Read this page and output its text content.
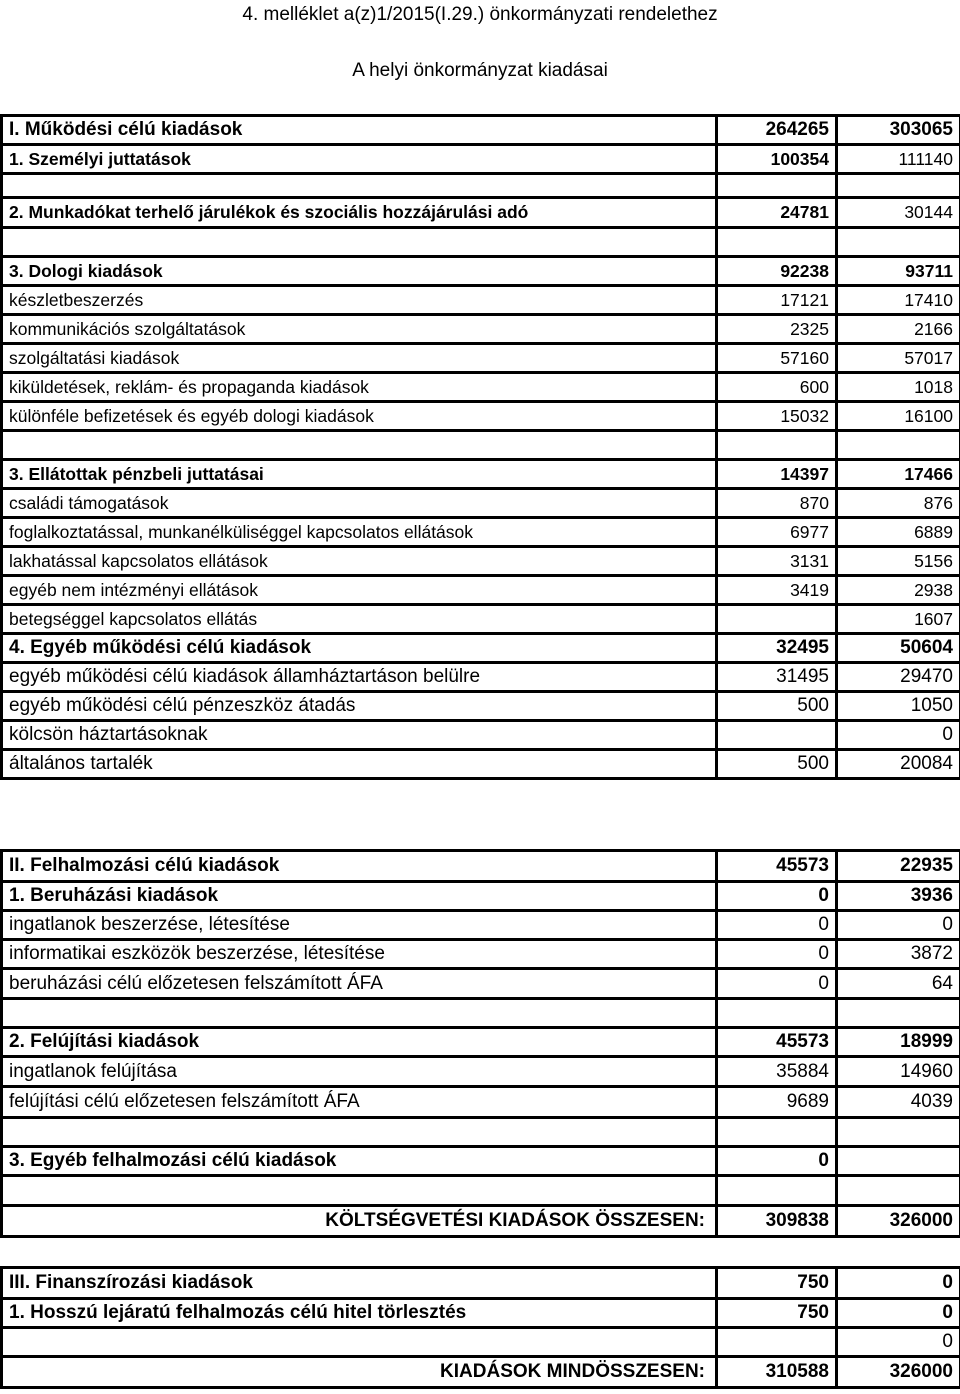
4. melléklet a(z)1/2015(I.29.) önkormányzati rendelethez
A helyi önkormányzat kiadásai
I. Működési célú kiadások	264265	303065
1. Személyi juttatások	100354	111140

2. Munkadókat terhelő járulékok és szociális hozzájárulási adó	24781	30144

3. Dologi kiadások	92238	93711
készletbeszerzés	17121	17410
kommunikációs szolgáltatások	2325	2166
szolgáltatási kiadások	57160	57017
kiküldetések, reklám- és propaganda kiadások	600	1018
különféle befizetések és egyéb dologi kiadások	15032	16100

3. Ellátottak pénzbeli juttatásai	14397	17466
családi támogatások	870	876
foglalkoztatással, munkanélküliséggel kapcsolatos ellátások	6977	6889
lakhatással kapcsolatos ellátások	3131	5156
egyéb nem intézményi ellátások	3419	2938
betegséggel kapcsolatos ellátás		1607
4. Egyéb működési célú kiadások	32495	50604
egyéb működési célú kiadások államháztartáson belülre	31495	29470
egyéb működési célú pénzeszköz átadás	500	1050
kölcsön háztartásoknak		0
általános tartalék	500	20084
II. Felhalmozási célú kiadások	45573	22935
1. Beruházási kiadások	0	3936
ingatlanok beszerzése, létesítése	0	0
informatikai eszközök beszerzése, létesítése	0	3872
beruházási célú előzetesen felszámított ÁFA	0	64

2. Felújítási kiadások	45573	18999
ingatlanok felújítása	35884	14960
felújítási célú előzetesen felszámított ÁFA	9689	4039

3. Egyéb felhalmozási célú kiadások	0	

KÖLTSÉGVETÉSI KIADÁSOK ÖSSZESEN:	309838	326000
III. Finanszírozási kiadások	750	0
1. Hosszú lejáratú felhalmozás célú hitel törlesztés	750	0
		0
KIADÁSOK MINDÖSSZESEN:	310588	326000
